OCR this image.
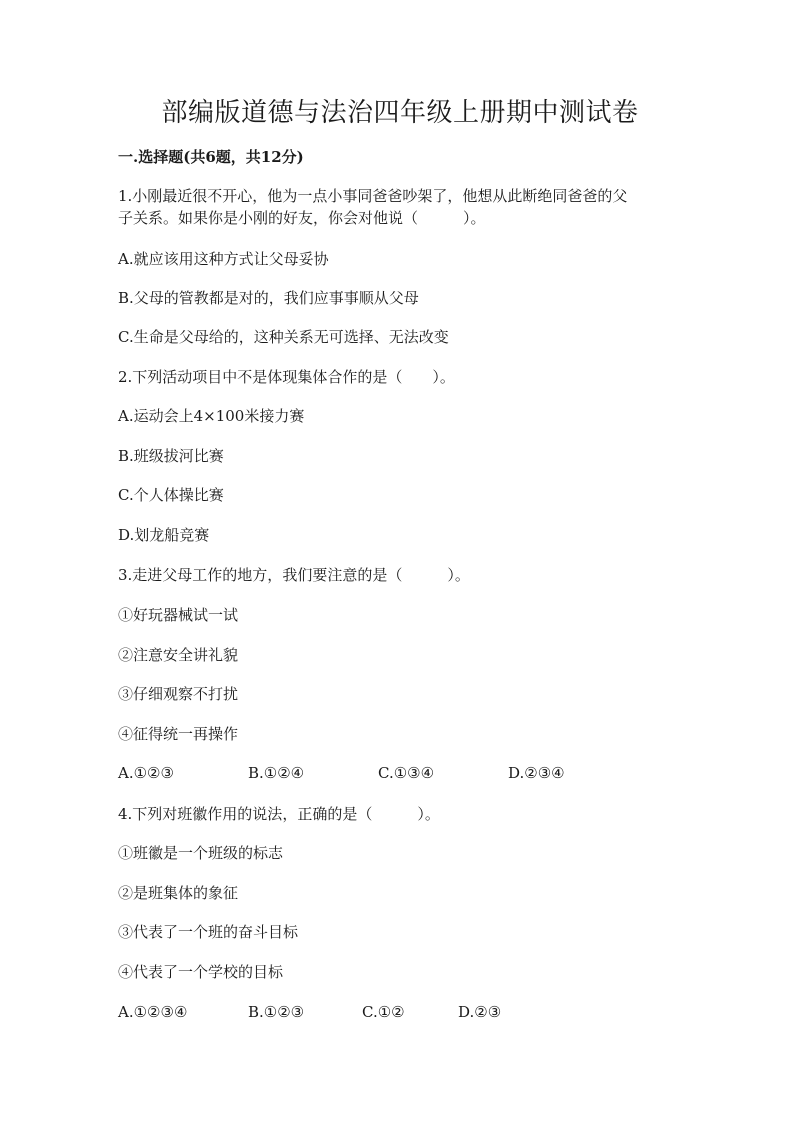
部编版道德与法治四年级上册期中测试卷
一.选择题(共6题，共12分)
1.小刚最近很不开心，他为一点小事同爸爸吵架了，他想从此断绝同爸爸的父
子关系。如果你是小刚的好友，你会对他说（　　　）。
A.就应该用这种方式让父母妥协
B.父母的管教都是对的，我们应事事顺从父母
C.生命是父母给的，这种关系无可选择、无法改变
2.下列活动项目中不是体现集体合作的是（　　）。
A.运动会上4×100米接力赛
B.班级拔河比赛
C.个人体操比赛
D.划龙船竞赛
3.走进父母工作的地方，我们要注意的是（　　　）。
①好玩器械试一试
②注意安全讲礼貌
③仔细观察不打扰
④征得统一再操作
A.①②③	B.①②④	C.①③④	D.②③④
4.下列对班徽作用的说法，正确的是（　　　）。
①班徽是一个班级的标志
②是班集体的象征
③代表了一个班的奋斗目标
④代表了一个学校的目标
A.①②③④	B.①②③	C.①②	D.②③
